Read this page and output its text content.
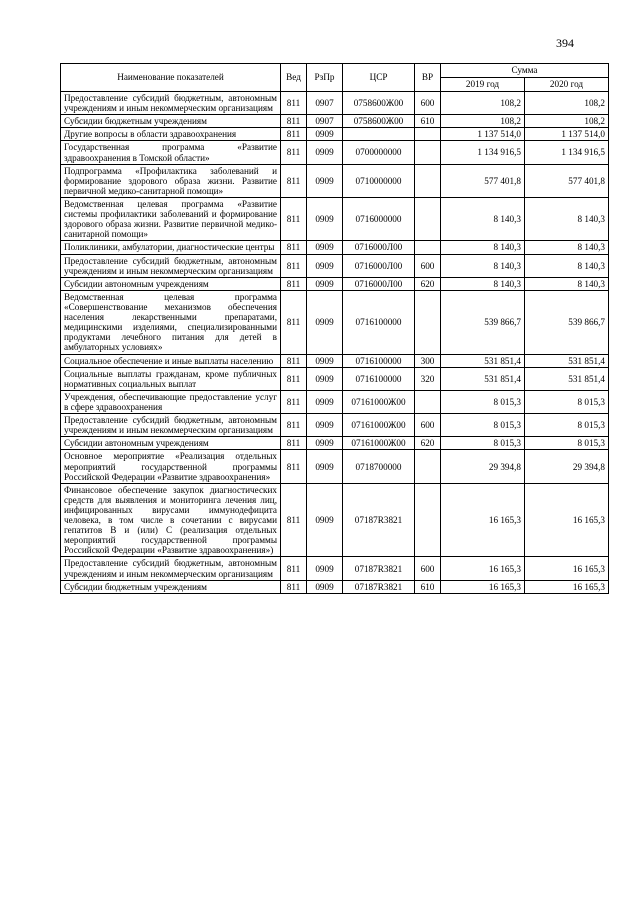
394
Наименование показателей	Вед	РзПр	ЦСР	ВР	Сумма	
					2019 год	2020 год
Предоставление субсидий бюджетным, автономным учреждениям и иным некоммерческим организациям	811	0907	0758600Ж00	600	108,2	108,2
Субсидии бюджетным учреждениям	811	0907	0758600Ж00	610	108,2	108,2
Другие вопросы в области здравоохранения	811	0909			1 137 514,0	1 137 514,0
Государственная программа «Развитие здравоохранения в Томской области»	811	0909	0700000000		1 134 916,5	1 134 916,5
Подпрограмма «Профилактика заболеваний и формирование здорового образа жизни. Развитие первичной медико-санитарной помощи»	811	0909	0710000000		577 401,8	577 401,8
Ведомственная целевая программа «Развитие системы профилактики заболеваний и формирование здорового образа жизни. Развитие первичной медико-санитарной помощи»	811	0909	0716000000		8 140,3	8 140,3
Поликлиники, амбулатории, диагностические центры	811	0909	0716000Л00		8 140,3	8 140,3
Предоставление субсидий бюджетным, автономным учреждениям и иным некоммерческим организациям	811	0909	0716000Л00	600	8 140,3	8 140,3
Субсидии автономным учреждениям	811	0909	0716000Л00	620	8 140,3	8 140,3
Ведомственная целевая программа «Совершенствование механизмов обеспечения населения лекарственными препаратами, медицинскими изделиями, специализированными продуктами лечебного питания для детей в амбулаторных условиях»	811	0909	0716100000		539 866,7	539 866,7
Социальное обеспечение и иные выплаты населению	811	0909	0716100000	300	531 851,4	531 851,4
Социальные выплаты гражданам, кроме публичных нормативных социальных выплат	811	0909	0716100000	320	531 851,4	531 851,4
Учреждения, обеспечивающие предоставление услуг в сфере здравоохранения	811	0909	07161000Ж00		8 015,3	8 015,3
Предоставление субсидий бюджетным, автономным учреждениям и иным некоммерческим организациям	811	0909	07161000Ж00	600	8 015,3	8 015,3
Субсидии автономным учреждениям	811	0909	07161000Ж00	620	8 015,3	8 015,3
Основное мероприятие «Реализация отдельных мероприятий государственной программы Российской Федерации «Развитие здравоохранения»	811	0909	0718700000		29 394,8	29 394,8
Финансовое обеспечение закупок диагностических средств для выявления и мониторинга лечения лиц, инфицированных вирусами иммунодефицита человека, в том числе в сочетании с вирусами гепатитов В и (или) С (реализация отдельных мероприятий государственной программы Российской Федерации «Развитие здравоохранения»)	811	0909	07187R3821		16 165,3	16 165,3
Предоставление субсидий бюджетным, автономным учреждениям и иным некоммерческим организациям	811	0909	07187R3821	600	16 165,3	16 165,3
Субсидии бюджетным учреждениям	811	0909	07187R3821	610	16 165,3	16 165,3
